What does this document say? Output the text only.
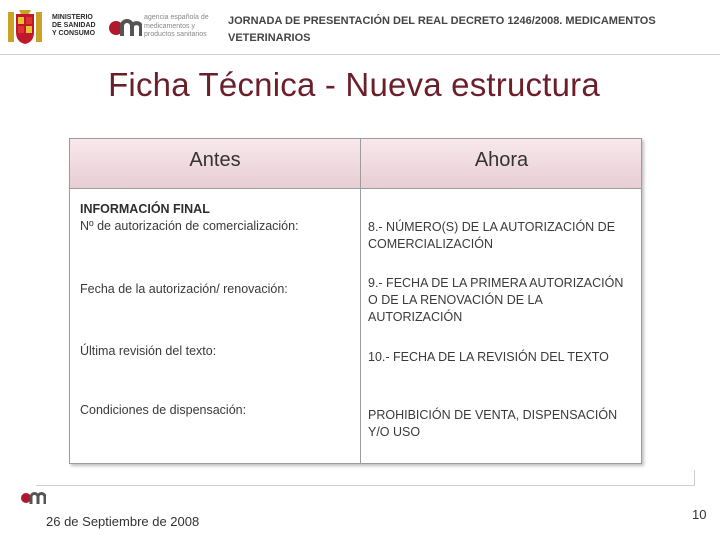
MINISTERIO
DE SANIDAD
Y CONSUMO
agencia española de
medicamentos y
productos sanitarios
JORNADA DE PRESENTACIÓN DEL REAL DECRETO 1246/2008. MEDICAMENTOS VETERINARIOS
Ficha Técnica - Nueva estructura
Antes	Ahora
INFORMACIÓN FINAL
Nº de autorización de comercialización:	8.- NÚMERO(S) DE LA AUTORIZACIÓN DE COMERCIALIZACIÓN
Fecha de la autorización/ renovación:	9.- FECHA DE LA PRIMERA AUTORIZACIÓN O DE LA RENOVACIÓN DE LA AUTORIZACIÓN
Última revisión del texto:	10.- FECHA DE LA REVISIÓN DEL TEXTO
Condiciones de dispensación:	PROHIBICIÓN DE VENTA, DISPENSACIÓN Y/O USO
26 de Septiembre de 2008	10
